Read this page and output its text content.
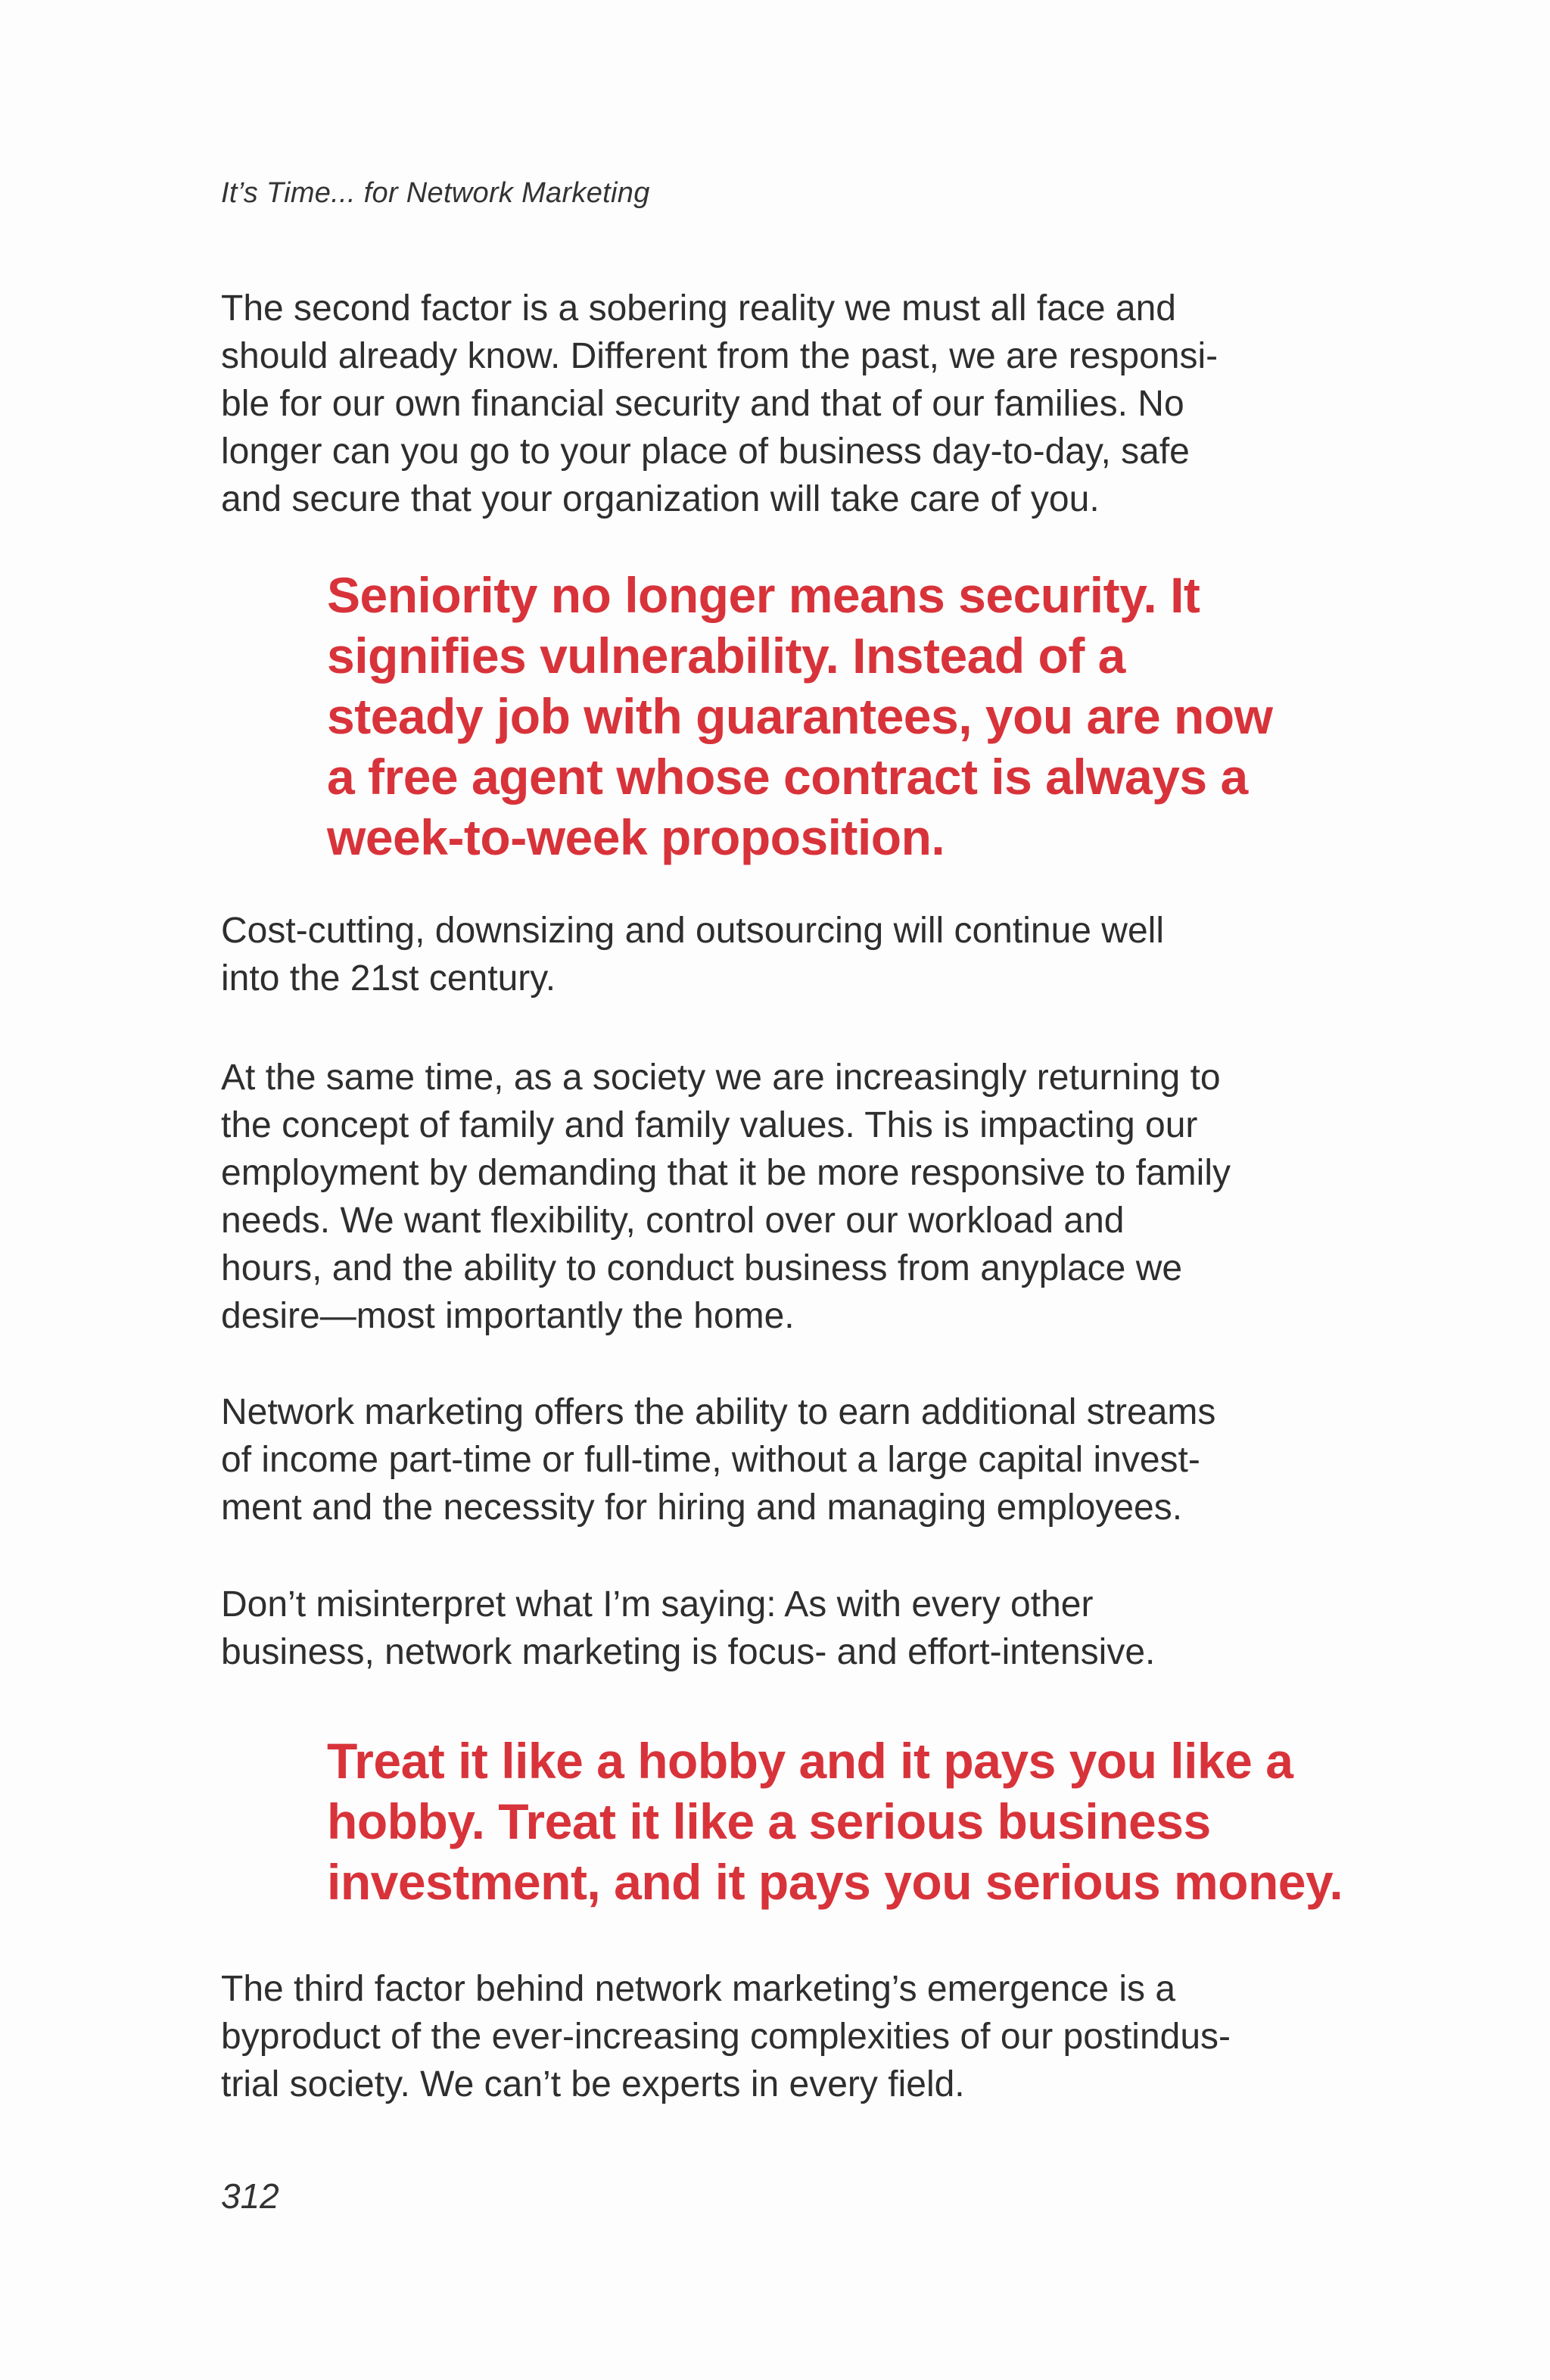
It’s Time... for Network Marketing

The second factor is a sobering reality we must all face and
should already know. Different from the past, we are responsi-
ble for our own financial security and that of our families. No
longer can you go to your place of business day-to-day, safe
and secure that your organization will take care of you.

Seniority no longer means security. It
signifies vulnerability. Instead of a
steady job with guarantees, you are now
a free agent whose contract is always a
week-to-week proposition.

Cost-cutting, downsizing and outsourcing will continue well
into the 21st century.

At the same time, as a society we are increasingly returning to
the concept of family and family values. This is impacting our
employment by demanding that it be more responsive to family
needs. We want flexibility, control over our workload and
hours, and the ability to conduct business from anyplace we
desire—most importantly the home.

Network marketing offers the ability to earn additional streams
of income part-time or full-time, without a large capital invest-
ment and the necessity for hiring and managing employees.

Don’t misinterpret what I’m saying: As with every other
business, network marketing is focus- and effort-intensive.

Treat it like a hobby and it pays you like a
hobby. Treat it like a serious business
investment, and it pays you serious money.

The third factor behind network marketing’s emergence is a
byproduct of the ever-increasing complexities of our postindus-
trial society. We can’t be experts in every field.

312
